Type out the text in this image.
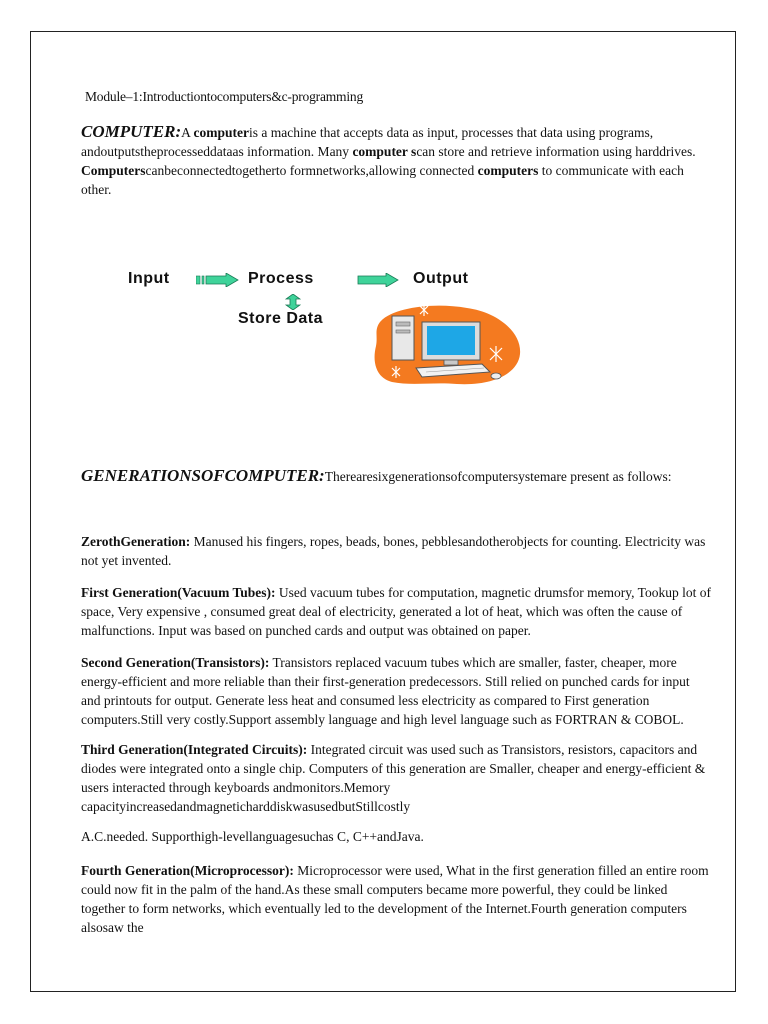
Module–1:Introductiontocomputers&c-programming

COMPUTER:A computeris a machine that accepts data as input, processes that data using programs, andoutputstheprocesseddataas information. Many computer scan store and retrieve information using harddrives. Computerscanbeconnectedtogetherto formnetworks,allowing connected computers to communicate with each other.

Input	Process	Output
Store Data

GENERATIONSOFCOMPUTER:Therearesixgenerationsofcomputersystemare present as follows:

ZerothGeneration: Manused his fingers, ropes, beads, bones, pebblesandotherobjects for counting. Electricity was not yet invented.

First Generation(Vacuum Tubes): Used vacuum tubes for computation, magnetic drumsfor memory, Tookup lot of space, Very expensive , consumed great deal of electricity, generated a lot of heat, which was often the cause of malfunctions. Input was based on punched cards and output was obtained on paper.

Second Generation(Transistors): Transistors replaced vacuum tubes which are smaller, faster, cheaper, more energy-efficient and more reliable than their first-generation predecessors. Still relied on punched cards for input and printouts for output. Generate less heat and consumed less electricity as compared to First generation computers.Still very costly.Support assembly language and high level language such as FORTRAN & COBOL.

Third Generation(Integrated Circuits): Integrated circuit was used such as Transistors, resistors, capacitors and diodes were integrated onto a single chip. Computers of this generation are Smaller, cheaper and energy-efficient & users interacted through keyboards andmonitors.Memory capacityincreasedandmagneticharddiskwasusedbutStillcostly

A.C.needed. Supporthigh-levellanguagesuchas C, C++andJava.

Fourth Generation(Microprocessor): Microprocessor were used, What in the first generation filled an entire room could now fit in the palm of the hand.As these small computers became more powerful, they could be linked together to form networks, which eventually led to the development of the Internet.Fourth generation computers alsosaw the
